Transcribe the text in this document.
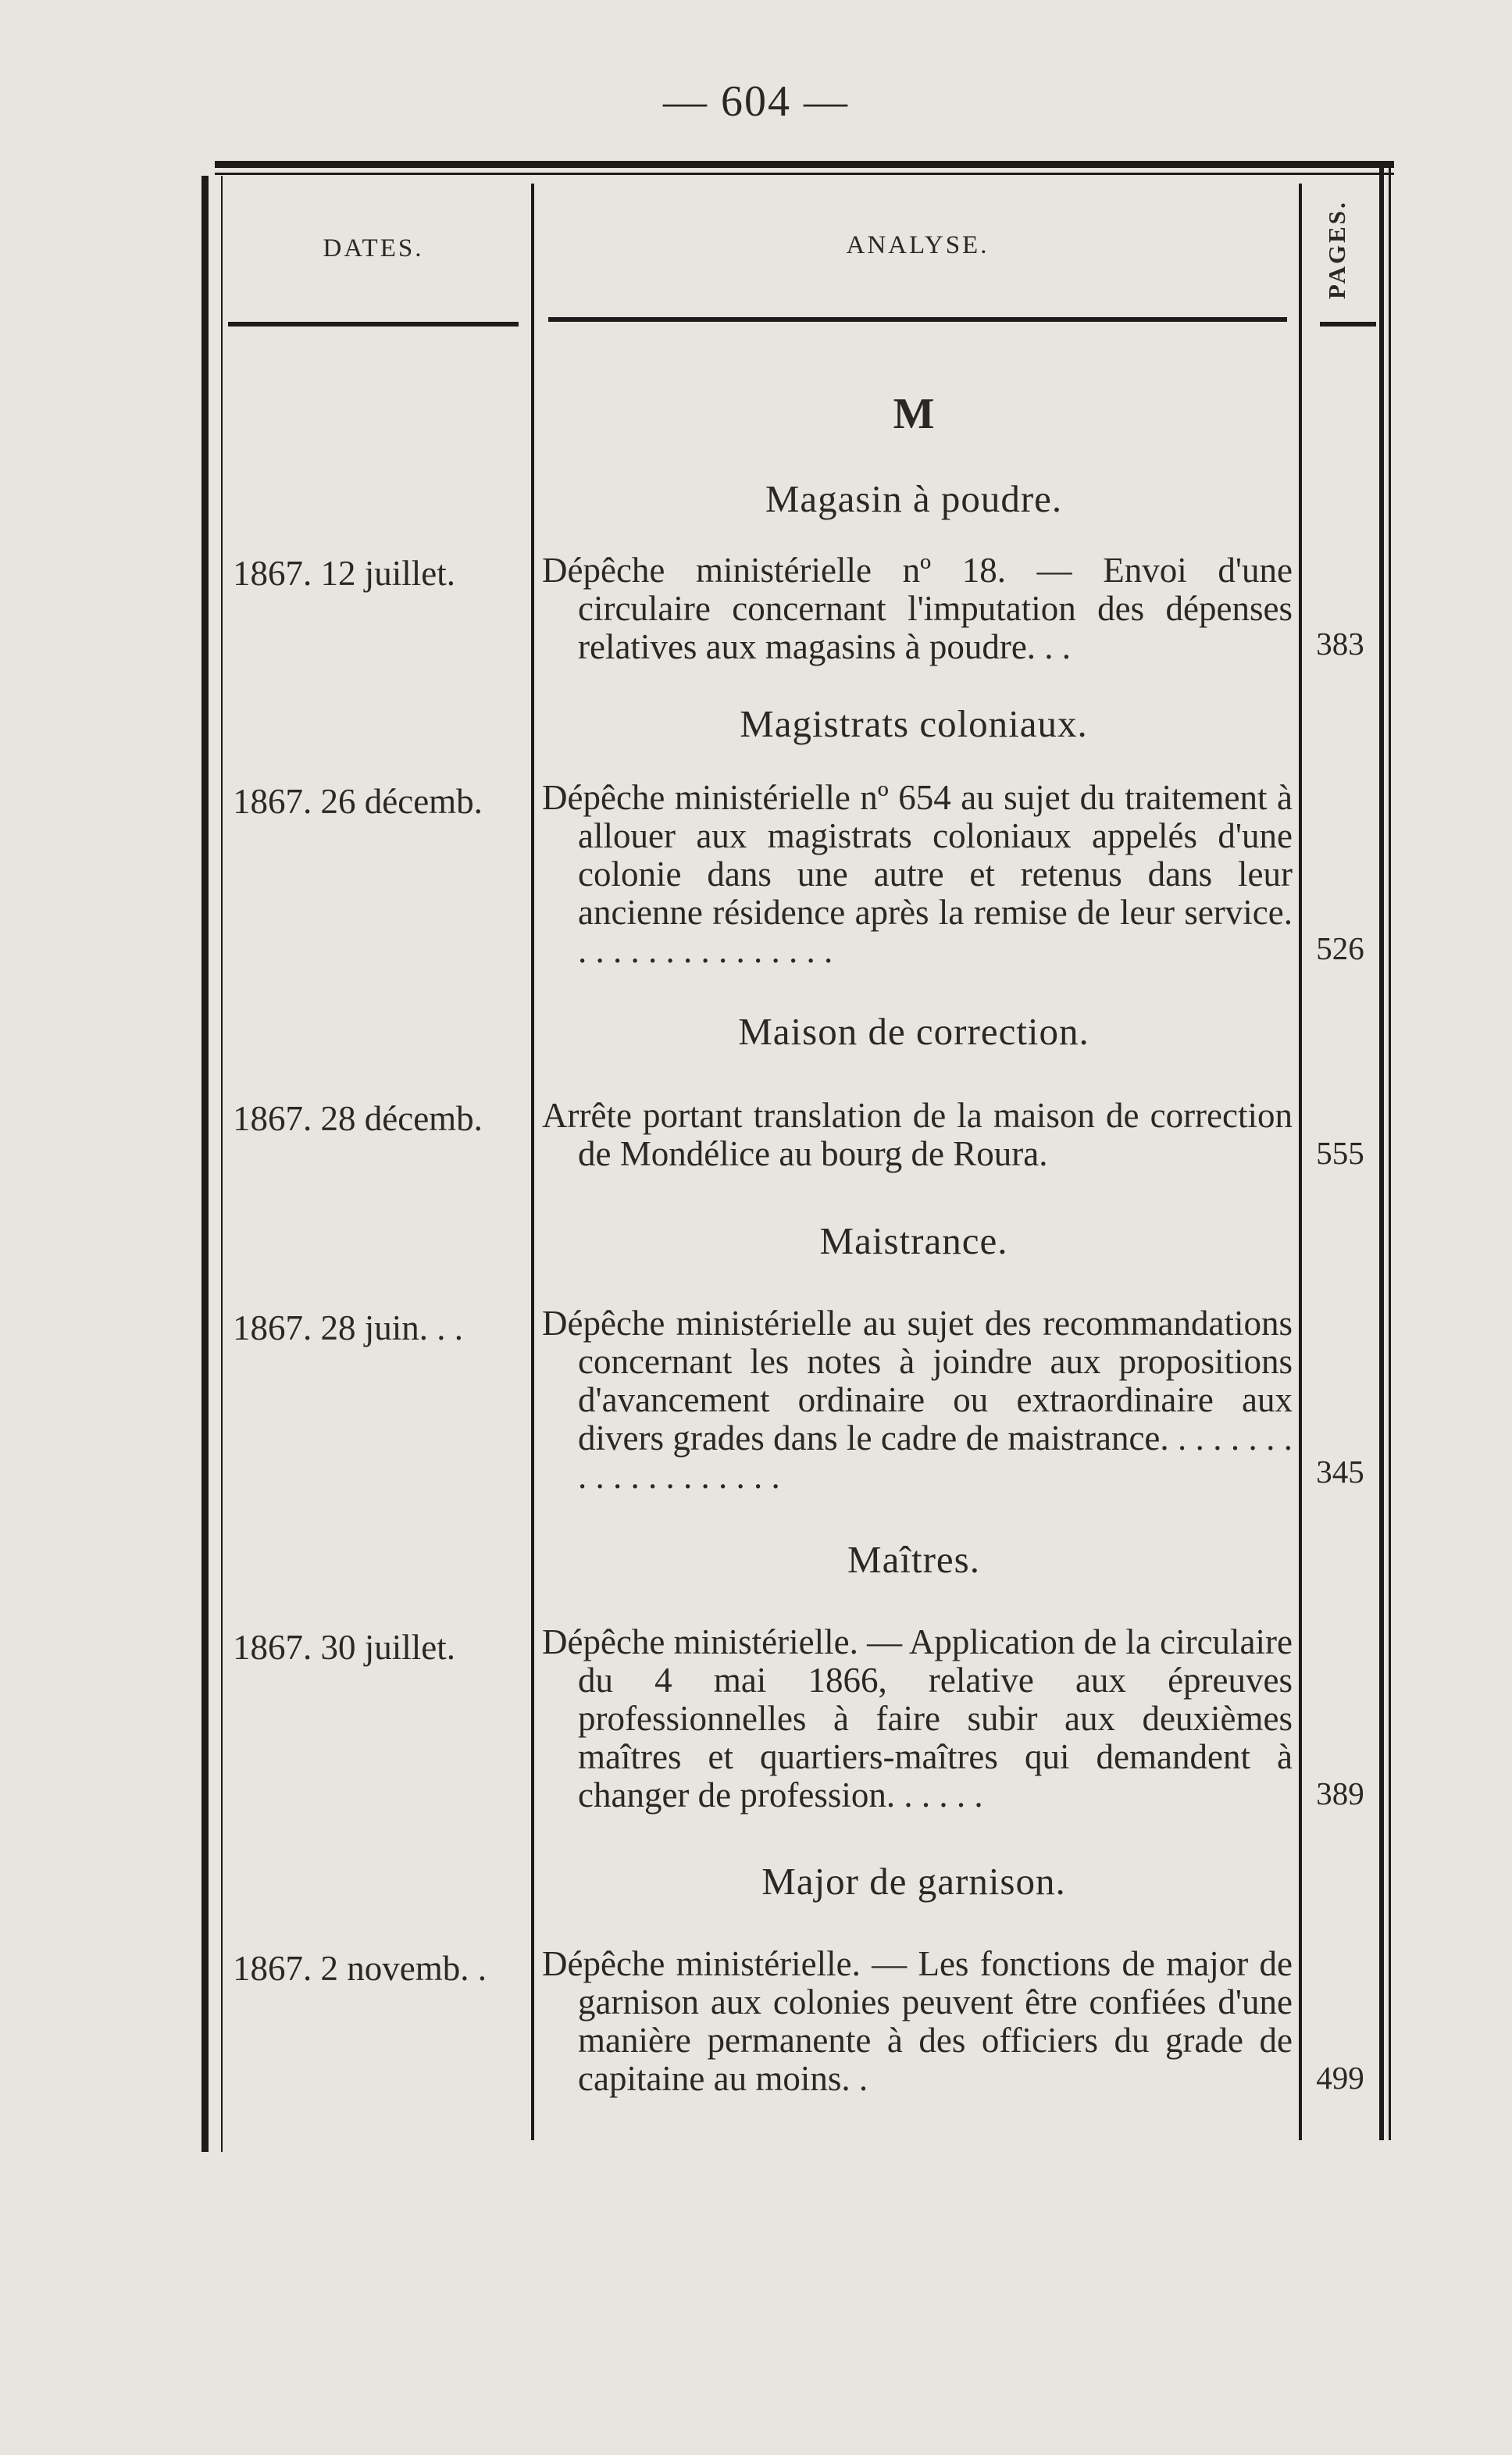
— 604 —
DATES.	ANALYSE.	PAGES.
M
Magasin à poudre.
1867. 12 juillet.	Dépêche ministérielle nº 18. — Envoi d'une circulaire concernant l'imputation des dépenses relatives aux magasins à poudre. . .	383
Magistrats coloniaux.
1867. 26 décemb.	Dépêche ministérielle nº 654 au sujet du traitement à allouer aux magistrats coloniaux appelés d'une colonie dans une autre et retenus dans leur ancienne résidence après la remise de leur service. . . . . . . . . . . . . . . .	526
Maison de correction.
1867. 28 décemb.	Arrête portant translation de la maison de correction de Mondélice au bourg de Roura.	555
Maistrance.
1867. 28 juin. . .	Dépêche ministérielle au sujet des recommandations concernant les notes à joindre aux propositions d'avancement ordinaire ou extraordinaire aux divers grades dans le cadre de maistrance. . . . . . . . . . . . . . . . . . . .	345
Maîtres.
1867. 30 juillet.	Dépêche ministérielle. — Application de la circulaire du 4 mai 1866, relative aux épreuves professionnelles à faire subir aux deuxièmes maîtres et quartiers-maîtres qui demandent à changer de profession. . . . . .	389
Major de garnison.
1867. 2 novemb. .	Dépêche ministérielle. — Les fonctions de major de garnison aux colonies peuvent être confiées d'une manière permanente à des officiers du grade de capitaine au moins. .	499
